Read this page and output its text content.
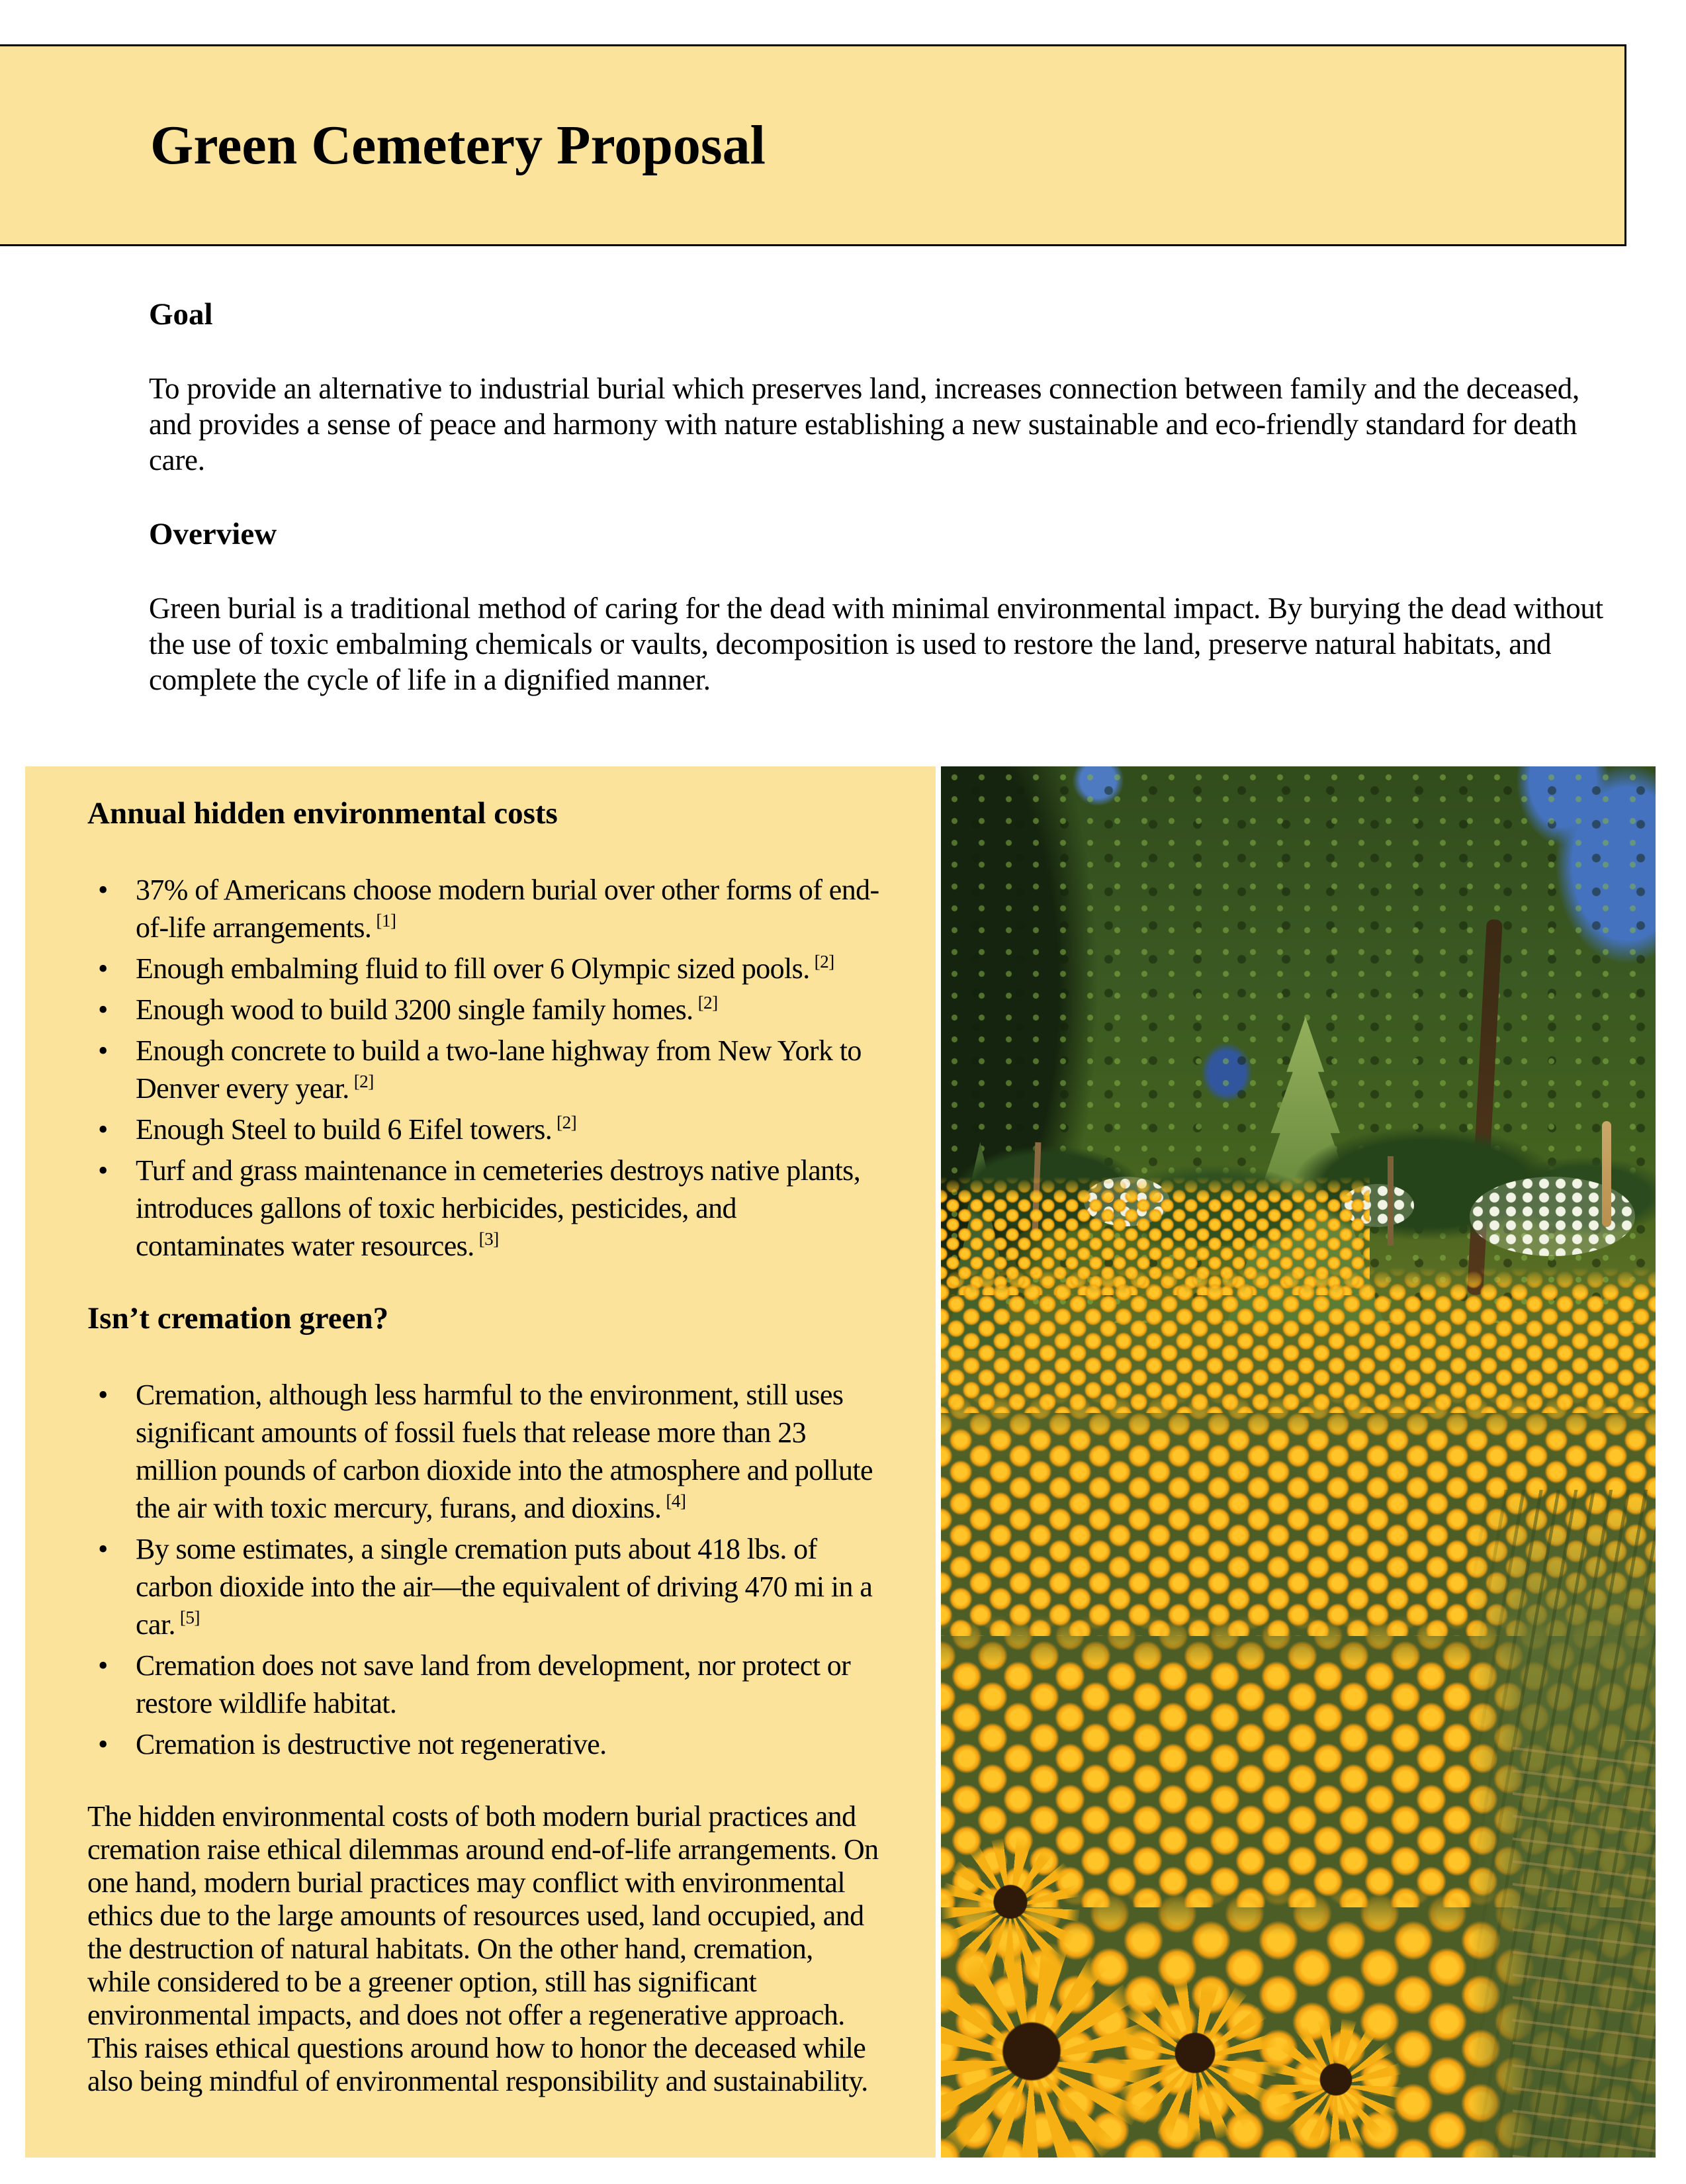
Green Cemetery Proposal
Goal

To provide an alternative to industrial burial which preserves land, increases connection between family and the deceased, and provides a sense of peace and harmony with nature establishing a new sustainable and eco-friendly standard for death care.

Overview

Green burial is a traditional method of caring for the dead with minimal environmental impact. By burying the dead without the use of toxic embalming chemicals or vaults, decomposition is used to restore the land, preserve natural habitats, and complete the cycle of life in a dignified manner.

Annual hidden environmental costs
• 37% of Americans choose modern burial over other forms of end-of-life arrangements. [1]
• Enough embalming fluid to fill over 6 Olympic sized pools. [2]
• Enough wood to build 3200 single family homes. [2]
• Enough concrete to build a two-lane highway from New York to Denver every year. [2]
• Enough Steel to build 6 Eifel towers. [2]
• Turf and grass maintenance in cemeteries destroys native plants, introduces gallons of toxic herbicides, pesticides, and contaminates water resources. [3]
Isn’t cremation green?
• Cremation, although less harmful to the environment, still uses significant amounts of fossil fuels that release more than 23 million pounds of carbon dioxide into the atmosphere and pollute the air with toxic mercury, furans, and dioxins. [4]
• By some estimates, a single cremation puts about 418 lbs. of carbon dioxide into the air—the equivalent of driving 470 mi in a car. [5]
• Cremation does not save land from development, nor protect or restore wildlife habitat.
• Cremation is destructive not regenerative.

The hidden environmental costs of both modern burial practices and cremation raise ethical dilemmas around end-of-life arrangements. On one hand, modern burial practices may conflict with environmental ethics due to the large amounts of resources used, land occupied, and the destruction of natural habitats. On the other hand, cremation, while considered to be a greener option, still has significant environmental impacts, and does not offer a regenerative approach. This raises ethical questions around how to honor the deceased while also being mindful of environmental responsibility and sustainability.
